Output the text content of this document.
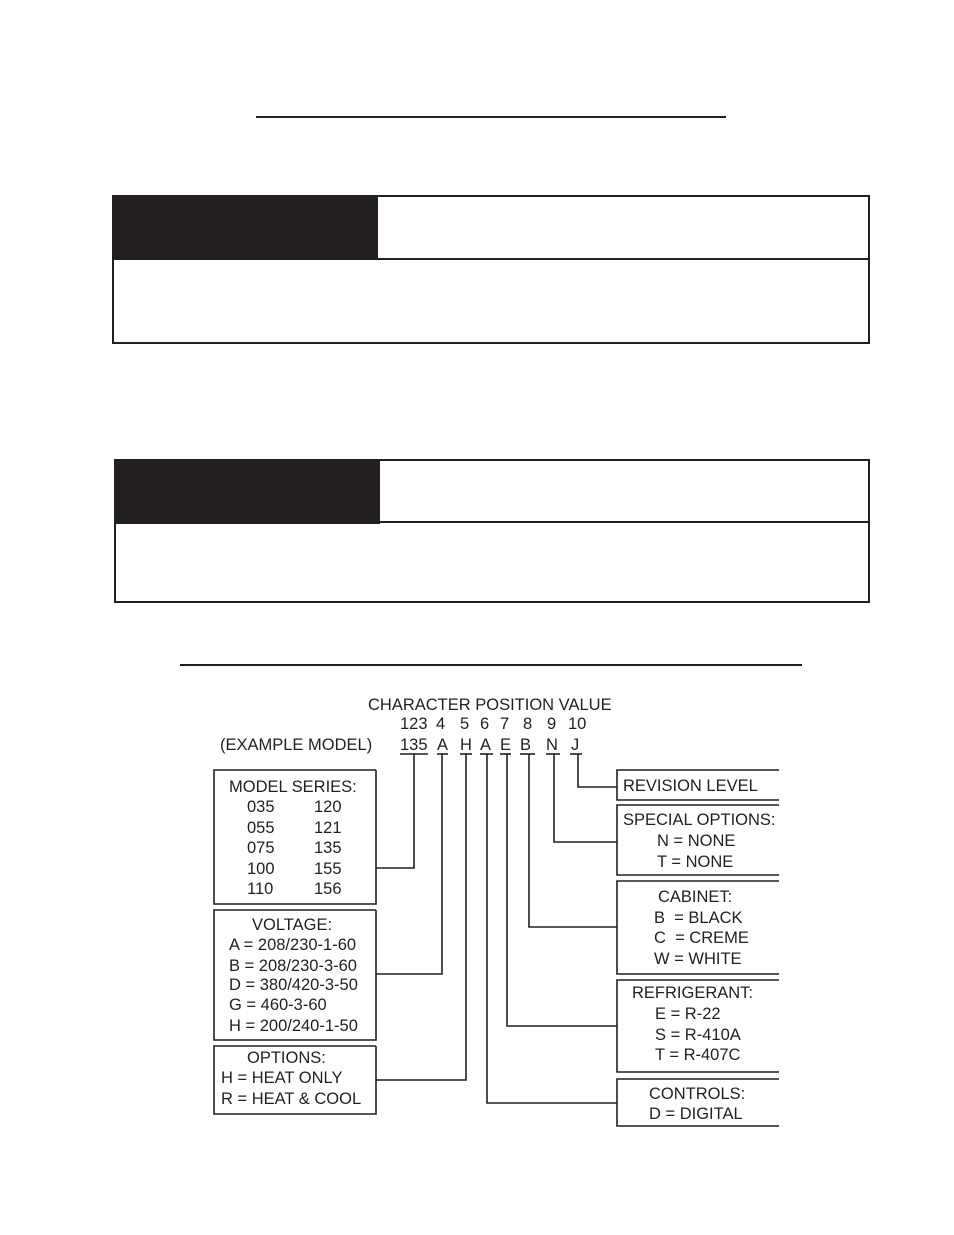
CHARACTER POSITION VALUE
123 4 5 6 7 8 9 10
(EXAMPLE MODEL) 135 A H A E B N J
MODEL SERIES:
035
055
075
100
110
120
121
135
155
156
VOLTAGE:
A = 208/230-1-60
B = 208/230-3-60
D = 380/420-3-50
G = 460-3-60
H = 200/240-1-50
OPTIONS:
H = HEAT ONLY
R = HEAT & COOL
REVISION LEVEL
SPECIAL OPTIONS:
N = NONE
T = NONE
CABINET:
B  = BLACK
C  = CREME
W = WHITE
REFRIGERANT:
E = R-22
S = R-410A
T = R-407C
CONTROLS:
D = DIGITAL
